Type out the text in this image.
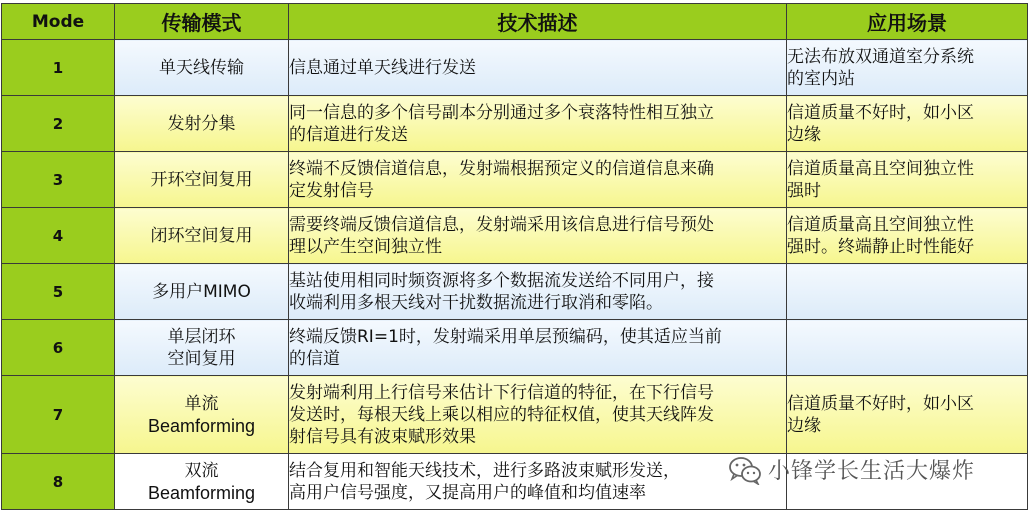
Mode	传输模式	技术描述	应用场景
1	单天线传输	信息通过单天线进行发送	无法布放双通道室分系统
的室内站

2	发射分集	同一信息的多个信号副本分别通过多个衰落特性相互独立
的信道进行发送	信道质量不好时，如小区
边缘

3	开环空间复用	终端不反馈信道信息，发射端根据预定义的信道信息来确
定发射信号	信道质量高且空间独立性
强时

4	闭环空间复用	需要终端反馈信道信息，发射端采用该信息进行信号预处
理以产生空间独立性	信道质量高且空间独立性
强时。终端静止时性能好

5	多用户MIMO	基站使用相同时频资源将多个数据流发送给不同用户，接
收端利用多根天线对干扰数据流进行取消和零陷。	

6	单层闭环
空间复用	终端反馈RI=1时，发射端采用单层预编码，使其适应当前
的信道	

7	单流
Beamforming	发射端利用上行信号来估计下行信道的特征，在下行信号
发送时，每根天线上乘以相应的特征权值，使其天线阵发
射信号具有波束赋形效果	信道质量不好时，如小区
边缘

8	双流
Beamforming	结合复用和智能天线技术，进行多路波束赋形发送，
高用户信号强度，又提高用户的峰值和均值速率	

小锋学长生活大爆炸
